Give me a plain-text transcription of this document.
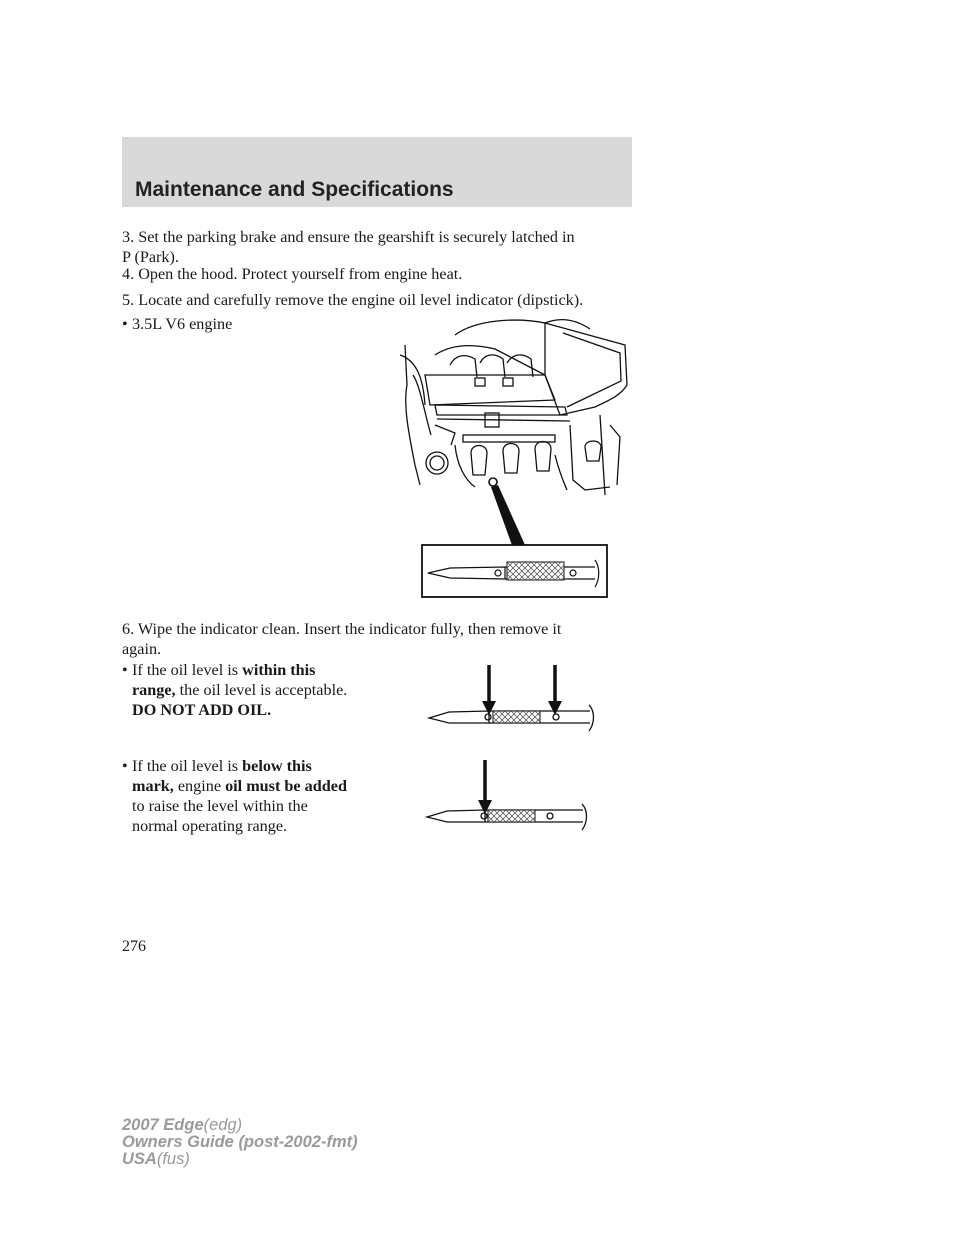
Maintenance and Specifications
3. Set the parking brake and ensure the gearshift is securely latched in
P (Park).
4. Open the hood. Protect yourself from engine heat.
5. Locate and carefully remove the engine oil level indicator (dipstick).
• 3.5L V6 engine
6. Wipe the indicator clean. Insert the indicator fully, then remove it
again.
• If the oil level is within this
range, the oil level is acceptable.
DO NOT ADD OIL.
• If the oil level is below this
mark, engine oil must be added
to raise the level within the
normal operating range.
276
2007 Edge(edg)
Owners Guide (post-2002-fmt)
USA(fus)
